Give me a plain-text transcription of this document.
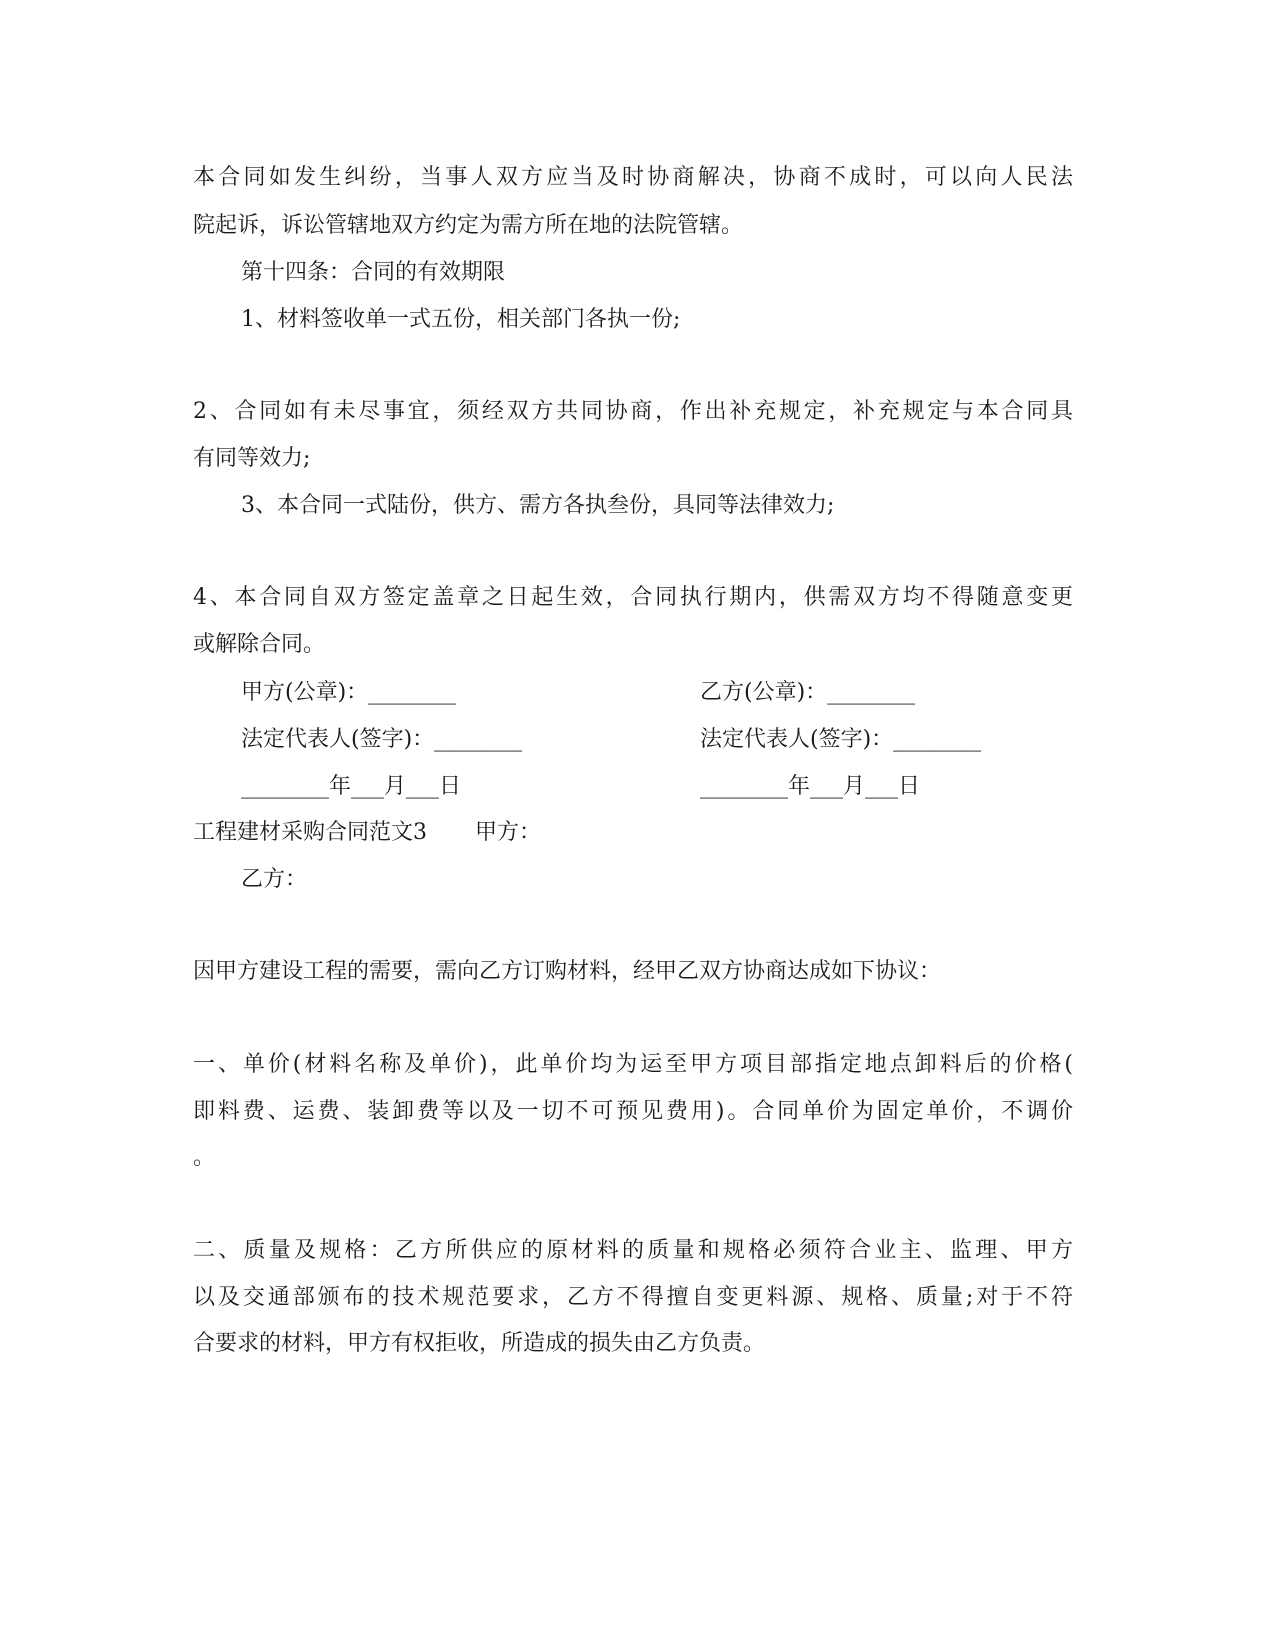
本合同如发生纠纷，当事人双方应当及时协商解决，协商不成时，可以向人民法
院起诉，诉讼管辖地双方约定为需方所在地的法院管辖。
第十四条：合同的有效期限
1、材料签收单一式五份，相关部门各执一份;
2、合同如有未尽事宜，须经双方共同协商，作出补充规定，补充规定与本合同具
有同等效力;
3、本合同一式陆份，供方、需方各执叁份，具同等法律效力;
4、本合同自双方签定盖章之日起生效，合同执行期内，供需双方均不得随意变更
或解除合同。
甲方(公章)：________	乙方(公章)：________
法定代表人(签字)：________	法定代表人(签字)：________
________年___月___日	________年___月___日
工程建材采购合同范文3 甲方：
乙方：
因甲方建设工程的需要，需向乙方订购材料，经甲乙双方协商达成如下协议：
一、单价(材料名称及单价)，此单价均为运至甲方项目部指定地点卸料后的价格(
即料费、运费、装卸费等以及一切不可预见费用)。合同单价为固定单价，不调价
。
二、质量及规格：乙方所供应的原材料的质量和规格必须符合业主、监理、甲方
以及交通部颁布的技术规范要求，乙方不得擅自变更料源、规格、质量;对于不符
合要求的材料，甲方有权拒收，所造成的损失由乙方负责。
